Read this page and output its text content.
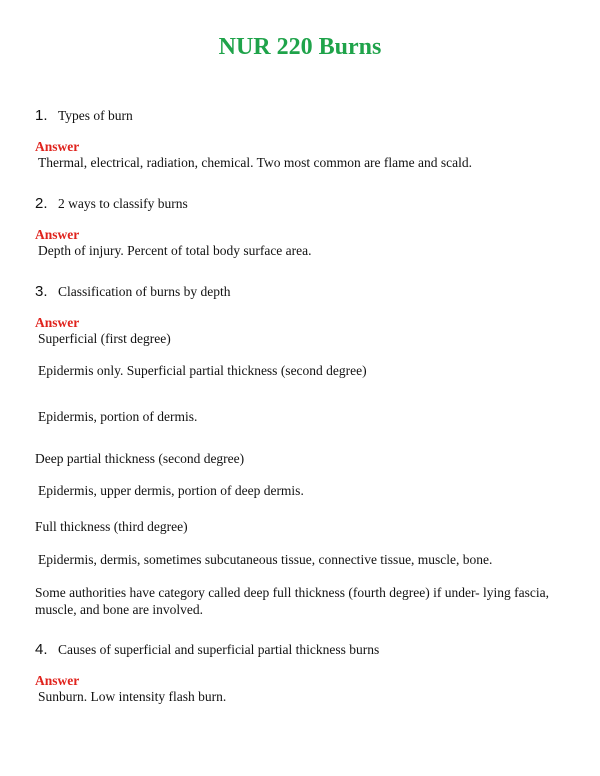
NUR 220 Burns
1. Types of burn
Answer
Thermal, electrical, radiation, chemical. Two most common are flame and scald.
2. 2 ways to classify burns
Answer
Depth of injury. Percent of total body surface area.
3. Classification of burns by depth
Answer
Superficial (first degree)
Epidermis only. Superficial partial thickness (second degree)
Epidermis, portion of dermis.
Deep partial thickness (second degree)
Epidermis, upper dermis, portion of deep dermis.
Full thickness (third degree)
Epidermis, dermis, sometimes subcutaneous tissue, connective tissue, muscle, bone.
Some authorities have category called deep full thickness (fourth degree) if under- lying fascia, muscle, and bone are involved.
4. Causes of superficial and superficial partial thickness burns
Answer
Sunburn. Low intensity flash burn.
